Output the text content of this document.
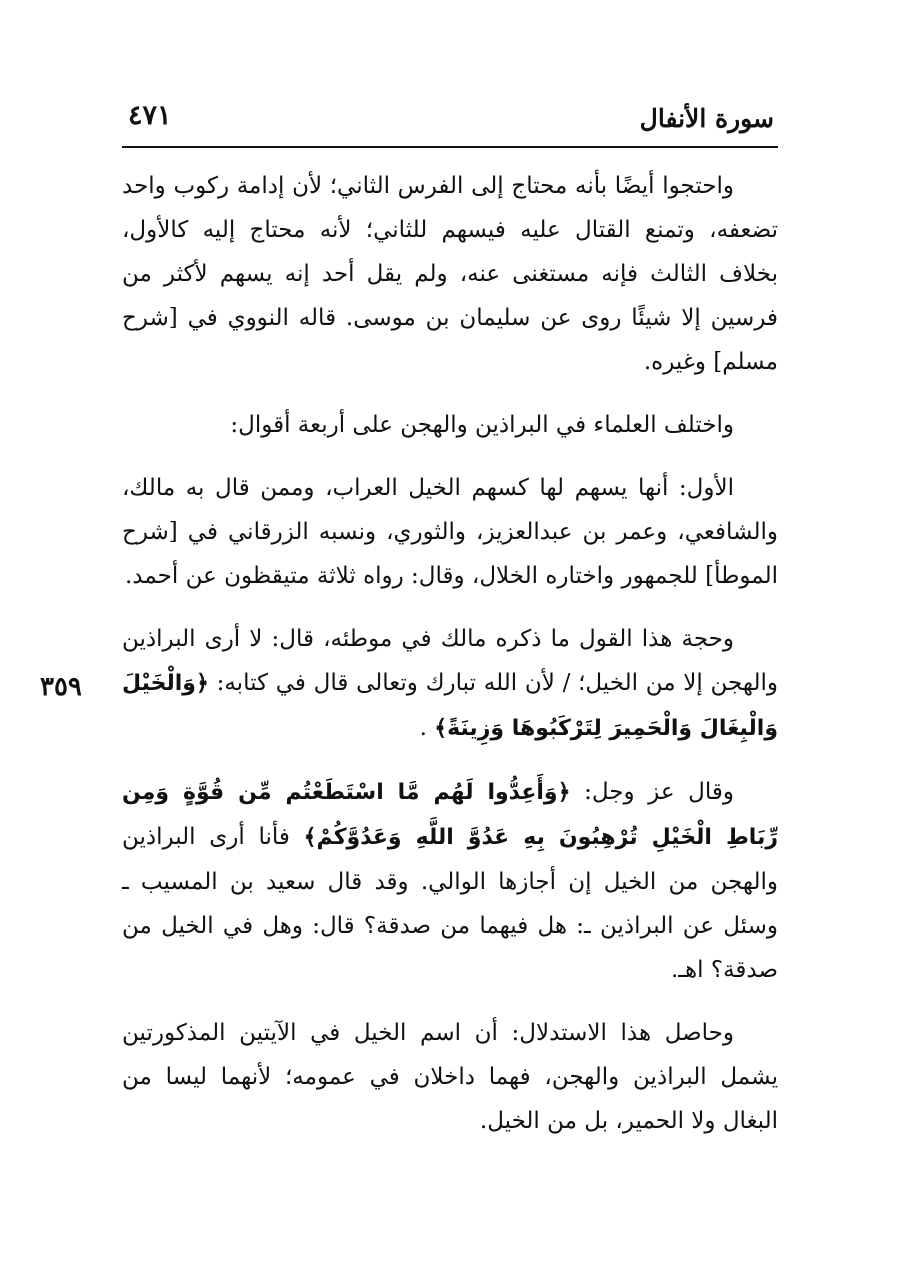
٤٧١	سورة الأنفال
٣٥٩

واحتجوا أيضًا بأنه محتاج إلى الفرس الثاني؛ لأن إدامة ركوب واحد تضعفه، وتمنع القتال عليه فيسهم للثاني؛ لأنه محتاج إليه كالأول، بخلاف الثالث فإنه مستغنى عنه، ولم يقل أحد إنه يسهم لأكثر من فرسين إلا شيئًا روى عن سليمان بن موسى. قاله النووي في [شرح مسلم] وغيره.

واختلف العلماء في البراذين والهجن على أربعة أقوال:

الأول: أنها يسهم لها كسهم الخيل العراب، وممن قال به مالك، والشافعي، وعمر بن عبدالعزيز، والثوري، ونسبه الزرقاني في [شرح الموطأ] للجمهور واختاره الخلال، وقال: رواه ثلاثة متيقظون عن أحمد.

وحجة هذا القول ما ذكره مالك في موطئه، قال: لا أرى البراذين والهجن إلا من الخيل؛ / لأن الله تبارك وتعالى قال في كتابه: ﴿وَالْخَيْلَ وَالْبِغَالَ وَالْحَمِيرَ لِتَرْكَبُوهَا وَزِينَةً﴾ .

وقال عز وجل: ﴿وَأَعِدُّوا لَهُم مَّا اسْتَطَعْتُم مِّن قُوَّةٍ وَمِن رِّبَاطِ الْخَيْلِ تُرْهِبُونَ بِهِ عَدُوَّ اللَّهِ وَعَدُوَّكُمْ﴾ فأنا أرى البراذين والهجن من الخيل إن أجازها الوالي. وقد قال سعيد بن المسيب ـ وسئل عن البراذين ـ: هل فيهما من صدقة؟ قال: وهل في الخيل من صدقة؟ اهـ.

وحاصل هذا الاستدلال: أن اسم الخيل في الآيتين المذكورتين يشمل البراذين والهجن، فهما داخلان في عمومه؛ لأنهما ليسا من البغال ولا الحمير، بل من الخيل.
